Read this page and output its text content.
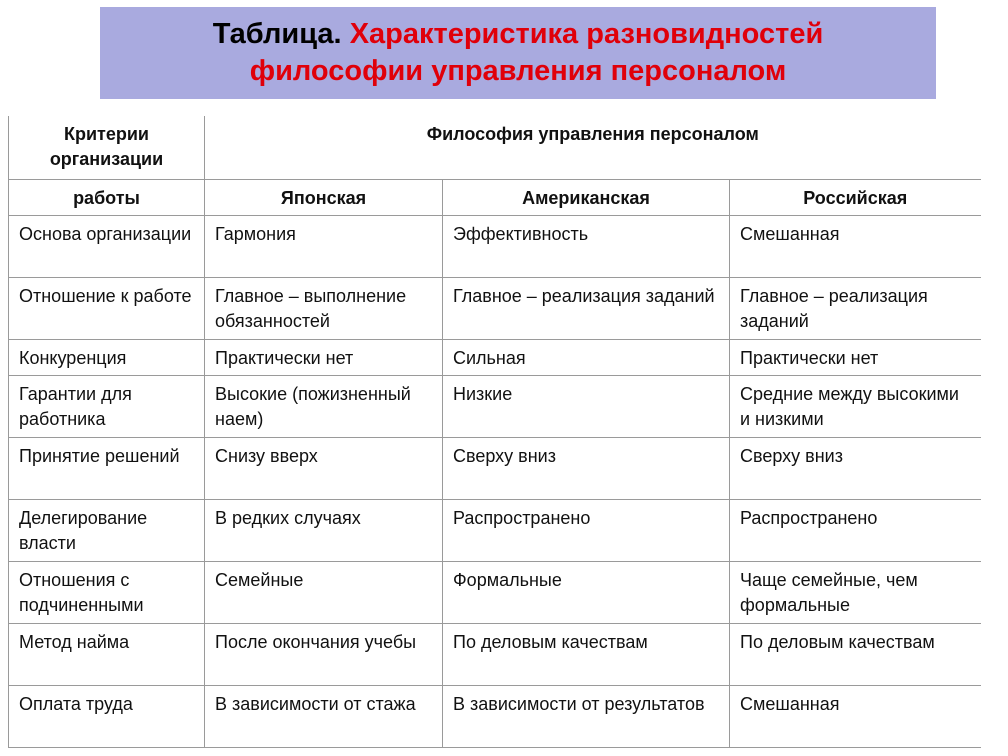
Таблица. Характеристика разновидностей
философии управления персоналом
Критерии организации	Философия управления персоналом		
работы	Японская	Американская	Российская
Основа организации	Гармония	Эффективность	Смешанная
Отношение к работе	Главное – выполнение обязанностей	Главное – реализация заданий	Главное – реализация заданий
Конкуренция	Практически нет	Сильная	Практически нет
Гарантии для работника	Высокие (пожизненный наем)	Низкие	Средние между высокими и низкими
Принятие решений	Снизу вверх	Сверху вниз	Сверху вниз
Делегирование власти	В редких случаях	Распространено	Распространено
Отношения с подчиненными	Семейные	Формальные	Чаще семейные, чем формальные
Метод найма	После окончания учебы	По деловым качествам	По деловым качествам
Оплата труда	В зависимости от стажа	В зависимости от результатов	Смешанная
